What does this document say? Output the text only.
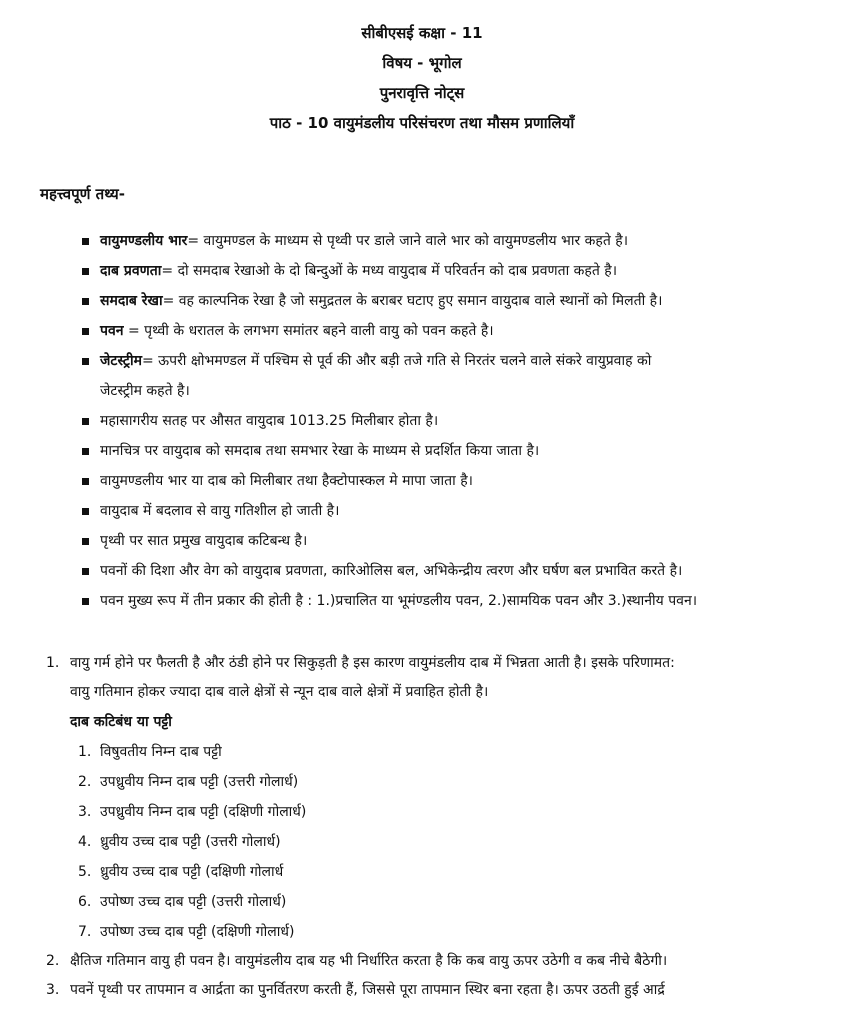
सीबीएसई कक्षा - 11
विषय - भूगोल
पुनरावृत्ति नोट्स
पाठ - 10 वायुमंडलीय परिसंचरण तथा मौसम प्रणालियाँ
महत्त्वपूर्ण तथ्य-
वायुमण्डलीय भार= वायुमण्डल के माध्यम से पृथ्वी पर डाले जाने वाले भार को वायुमण्डलीय भार कहते है।
दाब प्रवणता= दो समदाब रेखाओ के दो बिन्दुओं के मध्य वायुदाब में परिवर्तन को दाब प्रवणता कहते है।
समदाब रेखा= वह काल्पनिक रेखा है जो समुद्रतल के बराबर घटाए हुए समान वायुदाब वाले स्थानों को मिलती है।
पवन = पृथ्वी के धरातल के लगभग समांतर बहने वाली वायु को पवन कहते है।
जेटस्ट्रीम= ऊपरी क्षोभमण्डल में पश्चिम से पूर्व की और बड़ी तजे गति से निरतंर चलने वाले संकरे वायुप्रवाह को
जेटस्ट्रीम कहते है।
महासागरीय सतह पर औसत वायुदाब 1013.25 मिलीबार होता है।
मानचित्र पर वायुदाब को समदाब तथा समभार रेखा के माध्यम से प्रदर्शित किया जाता है।
वायुमण्डलीय भार या दाब को मिलीबार तथा हैक्टोपास्कल मे मापा जाता है।
वायुदाब में बदलाव से वायु गतिशील हो जाती है।
पृथ्वी पर सात प्रमुख वायुदाब कटिबन्ध है।
पवनों की दिशा और वेग को वायुदाब प्रवणता, कारिओलिस बल, अभिकेन्द्रीय त्वरण और घर्षण बल प्रभावित करते है।
पवन मुख्य रूप में तीन प्रकार की होती है : 1.)प्रचालित या भूमंण्डलीय पवन, 2.)सामयिक पवन और 3.)स्थानीय पवन।
1. वायु गर्म होने पर फैलती है और ठंडी होने पर सिकुड़ती है इस कारण वायुमंडलीय दाब में भिन्नता आती है। इसके परिणामत:
वायु गतिमान होकर ज्यादा दाब वाले क्षेत्रों से न्यून दाब वाले क्षेत्रों में प्रवाहित होती है।
दाब कटिबंध या पट्टी
1. विषुवतीय निम्न दाब पट्टी
2. उपध्रुवीय निम्न दाब पट्टी (उत्तरी गोलार्ध)
3. उपध्रुवीय निम्न दाब पट्टी (दक्षिणी गोलार्ध)
4. ध्रुवीय उच्च दाब पट्टी (उत्तरी गोलार्ध)
5. ध्रुवीय उच्च दाब पट्टी (दक्षिणी गोलार्ध
6. उपोष्ण उच्च दाब पट्टी (उत्तरी गोलार्ध)
7. उपोष्ण उच्च दाब पट्टी (दक्षिणी गोलार्ध)
2. क्षैतिज गतिमान वायु ही पवन है। वायुमंडलीय दाब यह भी निर्धारित करता है कि कब वायु ऊपर उठेगी व कब नीचे बैठेगी।
3. पवनें पृथ्वी पर तापमान व आर्द्रता का पुनर्वितरण करती हैं, जिससे पूरा तापमान स्थिर बना रहता है। ऊपर उठती हुई आर्द्र
